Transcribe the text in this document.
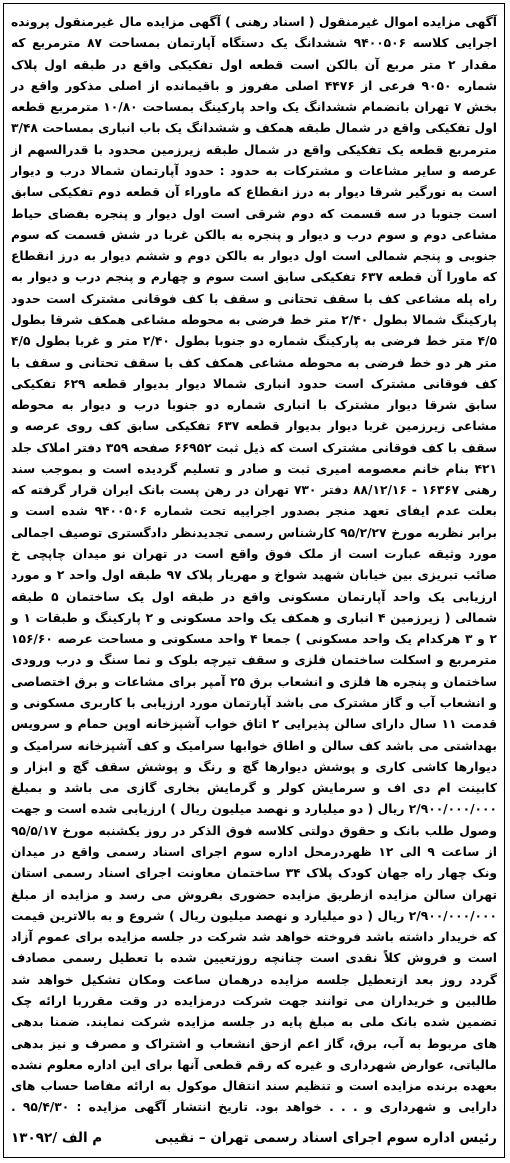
آگهی مزایده اموال غیرمنقول ( اسناد رهنی ) آگهی مزایده مال غیرمنقول پرونده اجرایی کلاسه ۹۴۰۰۵۰۶ ششدانگ یک دستگاه آپارتمان بمساحت ۸۷ مترمربع که مقدار ۲ متر مربع آن بالکن است قطعه اول تفکیکی واقع در طبقه اول پلاک شماره ۹۰۵۰ فرعی از ۴۴۷۶ اصلی مفروز و باقیمانده از اصلی مذکور واقع در بخش ۷ تهران بانضمام ششدانگ یک واحد پارکینگ بمساحت ۱۰/۸۰ مترمربع قطعه اول تفکیکی واقع در شمال طبقه همکف و ششدانگ یک باب انباری بمساحت ۳/۴۸ مترمربع قطعه یک تفکیکی واقع در شمال طبقه زیرزمین محدود با قدرالسهم از عرصه و سایر مشاعات و مشترکات به حدود : حدود آپارتمان شمالا درب و دیوار است به نورگیر شرقا دیوار به درز انقطاع که ماوراء آن قطعه دوم تفکیکی سابق است جنوبا در سه قسمت که دوم شرقی است اول دیوار و پنجره بفضای حیاط مشاعی دوم و سوم درب و دیوار و پنجره به بالکن غربا در شش قسمت که سوم جنوبی و پنجم شمالی است اول دیوار به بالکن دوم و ششم دیوار به درز انقطاع که ماورا آن قطعه ۶۳۷ تفکیکی سابق است سوم و چهارم و پنجم درب و دیوار به راه پله مشاعی کف با سقف تحتانی و سقف با کف فوقانی مشترک است حدود پارکینگ شمالا بطول ۲/۴۰ متر خط فرضی به محوطه مشاعی همکف شرقا بطول ۴/۵ متر خط فرضی به پارکینگ شماره دو جنوبا بطول ۲/۴۰ متر و غربا بطول ۴/۵ متر هر دو خط فرضی به محوطه مشاعی همکف کف با سقف تحتانی و سقف با کف فوقانی مشترک است حدود انباری شمالا دیوار بدیوار قطعه ۶۲۹ تفکیکی سابق شرقا دیوار مشترک با انباری شماره دو جنوبا درب و دیوار به محوطه مشاعی زیرزمین غربا دیوار بدیوار قطعه ۶۳۷ تفکیکی سابق کف روی عرصه و سقف با کف فوقانی مشترک است که ذیل ثبت ۶۶۹۵۲ صفحه ۳۵۹ دفتر املاک جلد ۴۲۱ بنام خانم معصومه امیری ثبت و صادر و تسلیم گردیده است و بموجب سند رهنی ۱۶۳۶۷ - ۸۸/۱۲/۱۶ دفتر ۷۳۰ تهران در رهن پست بانک ایران قرار گرفته که بعلت عدم ایفای تعهد منجر بصدور اجراییه تحت شماره ۹۴۰۰۵۰۶ شده است و برابر نظریه مورخ ۹۵/۲/۲۷ کارشناس رسمی تجدیدنظر دادگستری توصیف اجمالی مورد وثیقه عبارت است از ملک فوق واقع است در تهران نو میدان چاپچی خ صائب تبریزی بین خیابان شهید شواخ و مهریار پلاک ۹۷ طبقه اول واحد ۲ و مورد ارزیابی یک واحد آپارتمان مسکونی واقع در طبقه اول یک ساختمان ۵ طبقه شمالی ( زیرزمین ۴ انباری و همکف یک واحد مسکونی و ۲ پارکینگ و طبقات ۱ و ۲ و ۳ هرکدام یک واحد مسکونی ) جمعا ۴ واحد مسکونی و مساحت عرصه ۱۵۶/۶۰ مترمربع و اسکلت ساختمان فلزی و سقف تیرچه بلوک و نما سنگ و درب ورودی ساختمان و پنجره ها فلزی و انشعاب برق ۲۵ آمپر برای مشاعات و برق اختصاصی و انشعاب آب و گاز مشترک می باشد آپارتمان مورد ارزیابی با کاربری مسکونی و قدمت ۱۱ سال دارای سالن پذیرایی ۲ اتاق خواب آشپزخانه اوپن حمام و سرویس بهداشتی می باشد کف سالن و اطاق خوابها سرامیک و کف آشپزخانه سرامیک و دیوارها کاشی کاری و پوشش دیوارها گچ و رنگ و پوشش سقف گچ و ابزار و کابینت ام دی اف و سرمایش کولر و گرمایش بخاری گازی می باشد و بمبلغ ۲/۹۰۰/۰۰۰/۰۰۰ ریال ( دو میلیارد و نهصد میلیون ریال ) ارزیابی شده است و جهت وصول طلب بانک و حقوق دولتی کلاسه فوق الذکر در روز یکشنبه مورخ ۹۵/۵/۱۷ از ساعت ۹ الی ۱۲ ظهردرمحل اداره سوم اجرای اسناد رسمی واقع در میدان ونک چهار راه جهان کودک پلاک ۳۴ ساختمان معاونت اجرای اسناد رسمی استان تهران سالن مزایده ازطریق مزایده حضوری بفروش می رسد و مزایده از مبلغ ۲/۹۰۰/۰۰۰/۰۰۰ ریال ( دو میلیارد و نهصد میلیون ریال ) شروع و به بالاترین قیمت که خریدار داشته باشد فروخته خواهد شد شرکت در جلسه مزایده برای عموم آزاد است و فروش کلاً نقدی است چنانچه روزتعیین شده با تعطیل رسمی مصادف گردد روز بعد ازتعطیل جلسه مزایده درهمان ساعت ومکان تشکیل خواهد شد طالبین و خریداران می توانند جهت شرکت درمزایده در وقت مقرربا ارائه چک تضمین شده بانک ملی به مبلغ پایه در جلسه مزایده شرکت نمایند. ضمنا بدهی های مربوط به آب، برق، گاز اعم ازحق انشعاب و اشتراک و مصرف و نیز بدهی مالیاتی، عوارض شهرداری و غیره که رقم قطعی آنها برای این اداره معلوم نشده بعهده برنده مزایده است و تنظیم سند انتقال موکول به ارائه مفاصا حساب های دارایی و شهرداری و . . . خواهد بود. تاریخ انتشار آگهی مزایده : ۹۵/۴/۳۰ .
رئیس اداره سوم اجرای اسناد رسمی تهران – نقیبی
م الف /۱۳۰۹۲
